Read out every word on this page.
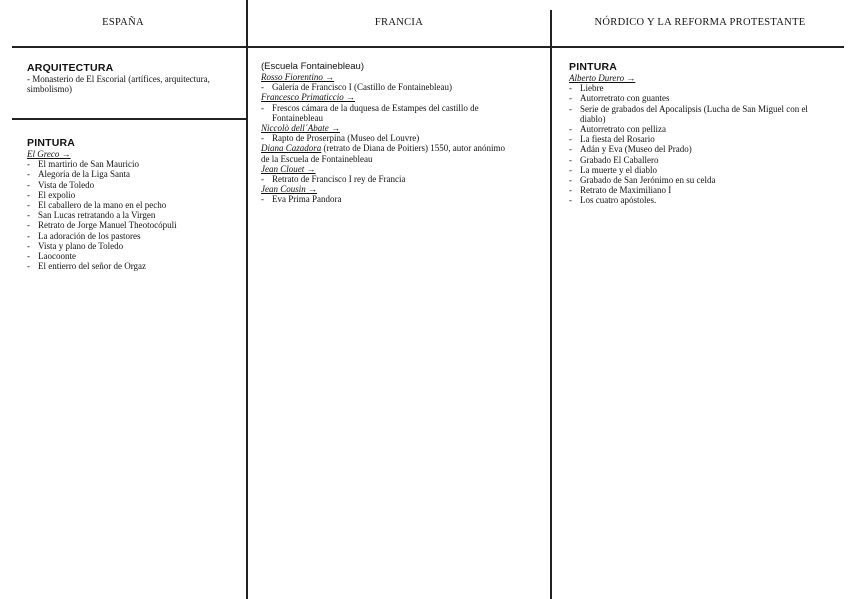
ESPAÑA
ARQUITECTURA
- Monasterio de El Escorial (artífices, arquitectura, simbolismo)
PINTURA
El Greco →
- El martirio de San Mauricio
- Alegoría de la Liga Santa
- Vista de Toledo
- El expolio
- El caballero de la mano en el pecho
- San Lucas retratando a la Virgen
- Retrato de Jorge Manuel Theotocópuli
- La adoración de los pastores
- Vista y plano de Toledo
- Laocoonte
- El entierro del señor de Orgaz
FRANCIA
(Escuela Fontainebleau)
Rosso Fiorentino →
- Galería de Francisco I (Castillo de Fontainebleau)
Francesco Primaticcio →
- Frescos cámara de la duquesa de Estampes del castillo de Fontainebleau
Niccolò dell´Abate →
- Rapto de Proserpina (Museo del Louvre)
Diana Cazadora (retrato de Diana de Poitiers) 1550, autor anónimo de la Escuela de Fontainebleau
Jean Clouet →
- Retrato de Francisco I rey de Francia
Jean Cousin →
- Eva Prima Pandora
NÓRDICO Y LA REFORMA PROTESTANTE
PINTURA
Alberto Durero →
- Liebre
- Autorretrato con guantes
- Serie de grabados del Apocalipsis (Lucha de San Miguel con el diablo)
- Autorretrato con pelliza
- La fiesta del Rosario
- Adán y Eva (Museo del Prado)
- Grabado El Caballero
- La muerte y el diablo
- Grabado de San Jerónimo en su celda
- Retrato de Maximiliano I
- Los cuatro apóstoles.
